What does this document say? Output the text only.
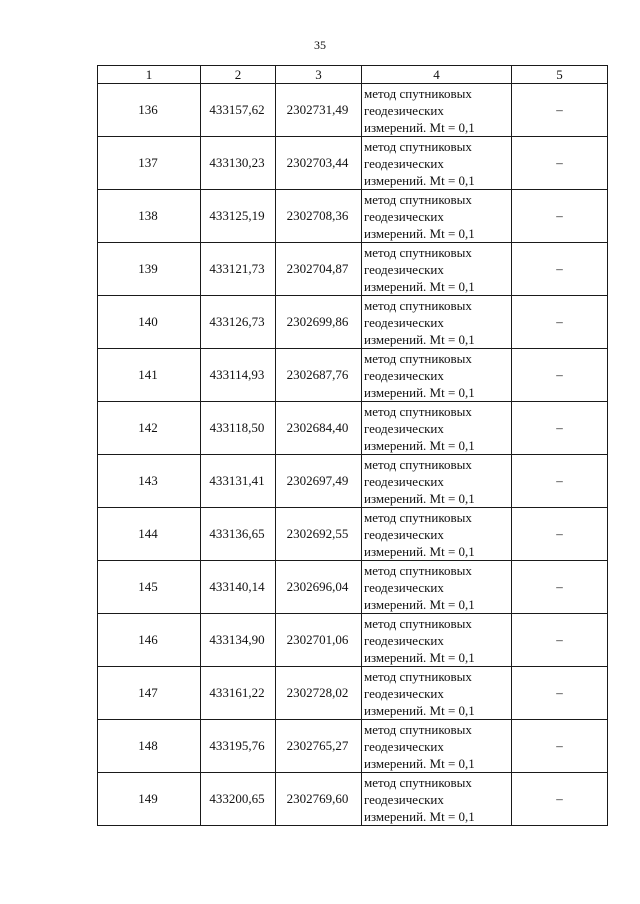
35
1	2	3	4	5
136	433157,62	2302731,49	метод спутниковых
геодезических
измерений. Mt = 0,1	–
137	433130,23	2302703,44	метод спутниковых
геодезических
измерений. Mt = 0,1	–
138	433125,19	2302708,36	метод спутниковых
геодезических
измерений. Mt = 0,1	–
139	433121,73	2302704,87	метод спутниковых
геодезических
измерений. Mt = 0,1	–
140	433126,73	2302699,86	метод спутниковых
геодезических
измерений. Mt = 0,1	–
141	433114,93	2302687,76	метод спутниковых
геодезических
измерений. Mt = 0,1	–
142	433118,50	2302684,40	метод спутниковых
геодезических
измерений. Mt = 0,1	–
143	433131,41	2302697,49	метод спутниковых
геодезических
измерений. Mt = 0,1	–
144	433136,65	2302692,55	метод спутниковых
геодезических
измерений. Mt = 0,1	–
145	433140,14	2302696,04	метод спутниковых
геодезических
измерений. Mt = 0,1	–
146	433134,90	2302701,06	метод спутниковых
геодезических
измерений. Mt = 0,1	–
147	433161,22	2302728,02	метод спутниковых
геодезических
измерений. Mt = 0,1	–
148	433195,76	2302765,27	метод спутниковых
геодезических
измерений. Mt = 0,1	–
149	433200,65	2302769,60	метод спутниковых
геодезических
измерений. Mt = 0,1	–
